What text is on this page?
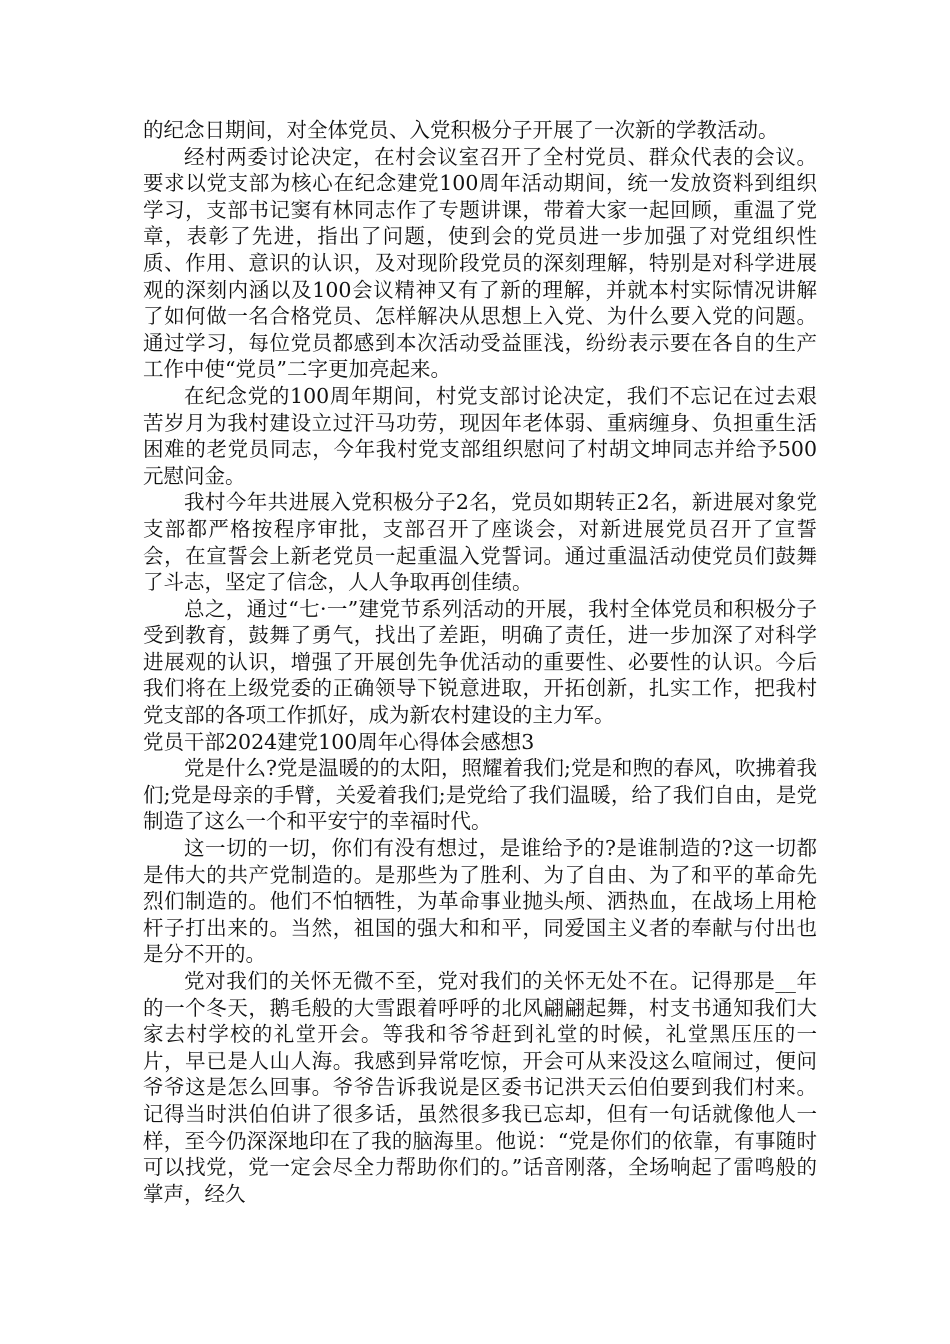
的纪念日期间，对全体党员、入党积极分子开展了一次新的学教活动。

经村两委讨论决定，在村会议室召开了全村党员、群众代表的会议。要求以党支部为核心在纪念建党100周年活动期间，统一发放资料到组织学习，支部书记窦有林同志作了专题讲课，带着大家一起回顾，重温了党章，表彰了先进，指出了问题，使到会的党员进一步加强了对党组织性质、作用、意识的认识，及对现阶段党员的深刻理解，特别是对科学进展观的深刻内涵以及100会议精神又有了新的理解，并就本村实际情况讲解了如何做一名合格党员、怎样解决从思想上入党、为什么要入党的问题。通过学习，每位党员都感到本次活动受益匪浅，纷纷表示要在各自的生产工作中使“党员”二字更加亮起来。

在纪念党的100周年期间，村党支部讨论决定，我们不忘记在过去艰苦岁月为我村建设立过汗马功劳，现因年老体弱、重病缠身、负担重生活困难的老党员同志，今年我村党支部组织慰问了村胡文坤同志并给予500元慰问金。

我村今年共进展入党积极分子2名，党员如期转正2名，新进展对象党支部都严格按程序审批，支部召开了座谈会，对新进展党员召开了宣誓会，在宣誓会上新老党员一起重温入党誓词。通过重温活动使党员们鼓舞了斗志，坚定了信念，人人争取再创佳绩。

总之，通过“七·一”建党节系列活动的开展，我村全体党员和积极分子受到教育，鼓舞了勇气，找出了差距，明确了责任，进一步加深了对科学进展观的认识，增强了开展创先争优活动的重要性、必要性的认识。今后我们将在上级党委的正确领导下锐意进取，开拓创新，扎实工作，把我村党支部的各项工作抓好，成为新农村建设的主力军。

党员干部2024建党100周年心得体会感想3

党是什么?党是温暖的的太阳，照耀着我们;党是和煦的春风，吹拂着我们;党是母亲的手臂，关爱着我们;是党给了我们温暖，给了我们自由，是党制造了这么一个和平安宁的幸福时代。

这一切的一切，你们有没有想过，是谁给予的?是谁制造的?这一切都是伟大的共产党制造的。是那些为了胜利、为了自由、为了和平的革命先烈们制造的。他们不怕牺牲，为革命事业抛头颅、洒热血，在战场上用枪杆子打出来的。当然，祖国的强大和和平，同爱国主义者的奉献与付出也是分不开的。

党对我们的关怀无微不至，党对我们的关怀无处不在。记得那是__年的一个冬天，鹅毛般的大雪跟着呼呼的北风翩翩起舞，村支书通知我们大家去村学校的礼堂开会。等我和爷爷赶到礼堂的时候，礼堂黑压压的一片，早已是人山人海。我感到异常吃惊，开会可从来没这么喧闹过，便问爷爷这是怎么回事。爷爷告诉我说是区委书记洪天云伯伯要到我们村来。记得当时洪伯伯讲了很多话，虽然很多我已忘却，但有一句话就像他人一样，至今仍深深地印在了我的脑海里。他说：“党是你们的依靠，有事随时可以找党，党一定会尽全力帮助你们的。”话音刚落，全场响起了雷鸣般的掌声，经久
